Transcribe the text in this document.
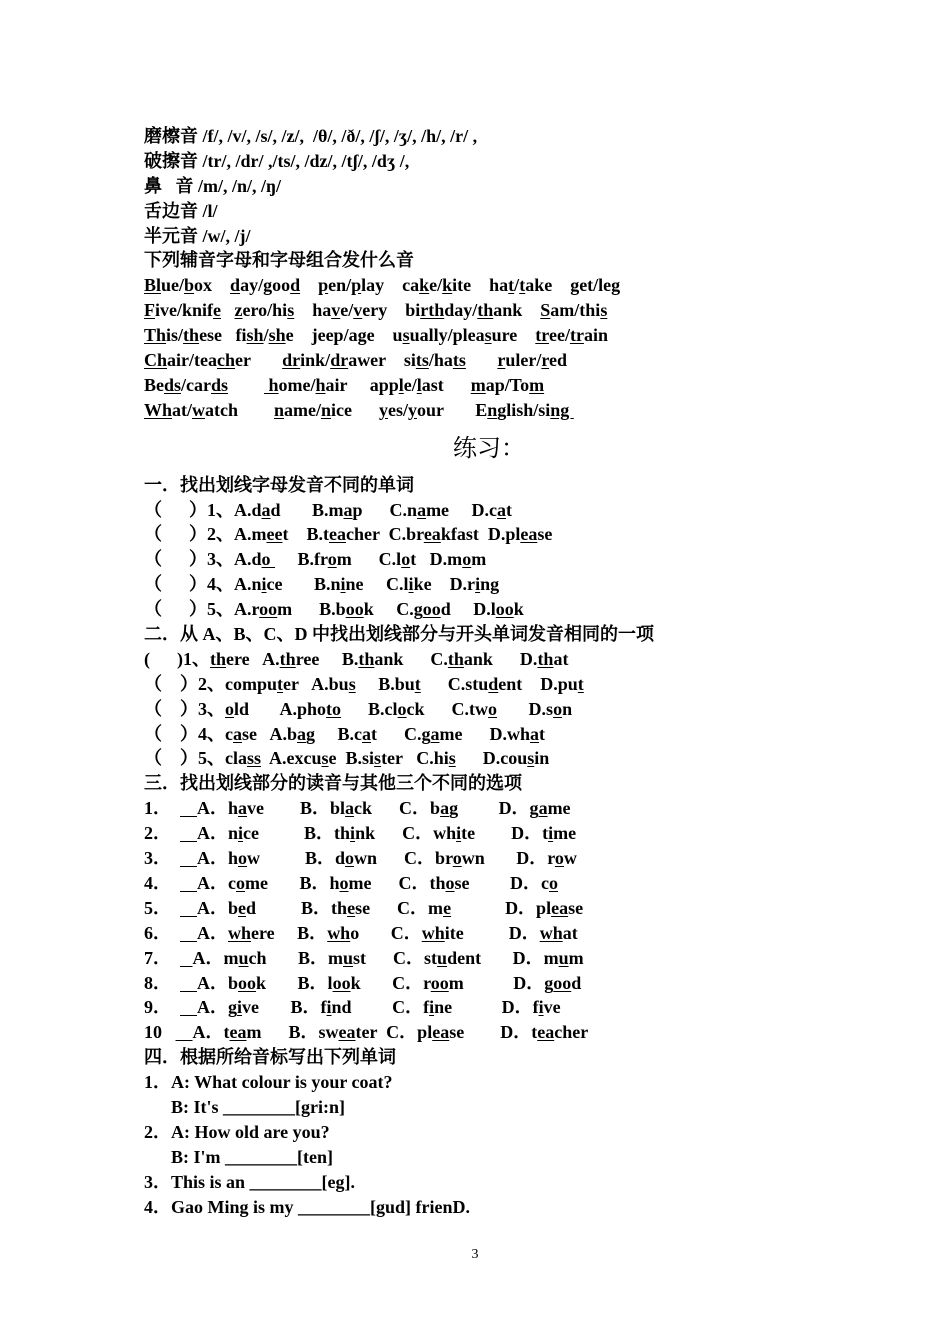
磨檫音 /f/, /v/, /s/, /z/,  /θ/, /ð/, /ʃ/, /ʒ/, /h/, /r/ ,
破擦音 /tr/, /dr/ ,/ts/, /dz/, /tʃ/, /dʒ /,
鼻   音 /m/, /n/, /ŋ/
舌边音 /l/
半元音 /w/, /j/
下列辅音字母和字母组合发什么音
Blue/box    day/good pen/play    cake/kite    hat/take    get/leg
Five/knife zero/his    have/very    birthday/thank    Sam/this
This/these   fish/she    jeep/age    usually/pleasure    tree/train
Chair/teacher       drink/drawer    sits/hats ruler/red
Beds/cards         home/hair     apple/last      map/Tom
What/watch        name/nice      yes/your       English/sing
练习：
一．找出划线字母发音不同的单词
（      ）1、A.dad       B.map      C.name     D.cat
（      ）2、A.meet    B.teacher  C.breakfast  D.please
（      ）3、A.do      B.from      C.lot   D.mom
（      ）4、A.nice       B.nine     C.like    D.ring
（      ）5、A.room      B.book     C.good     D.look
二．从 A、B、C、D 中找出划线部分与开头单词发音相同的一项
(      )1、there   A.three     B.thank      C.thank      D.that
（    ）2、computer   A.bus     B.but      C.student    D.put
（    ）3、old       A.photo      B.clock      C.two       D.son
（    ）4、case   A.bag     B.cat      C.game      D.what
（    ）5、class  A.excuse  B.sister   C.his      D.cousin
三．找出划线部分的读音与其他三个不同的选项
1．      A．have        B．black      C．bag         D．game
2．      A．nice          B．think      C．white        D．time
3．      A．how          B．down      C．brown       D．row
4．      A．come       B．home      C．those         D．co
5．      A．bed          B．these      C．me            D．please
6．      A．where     B．who       C．white          D．what
7．     A．much       B．must      C．student       D．mum
8．      A．book       B．look       C．room           D．good
9．      A．give       B．find         C．fine           D．five
10       A．team      B．sweater  C．please        D．teacher
四．根据所给音标写出下列单词
1．A: What colour is your coat?
B: It's ________[gri:n]
2．A: How old are you?
B: I'm ________[ten]
3．This is an ________[eg].
4．Gao Ming is my ________[gud] frienD.
3
